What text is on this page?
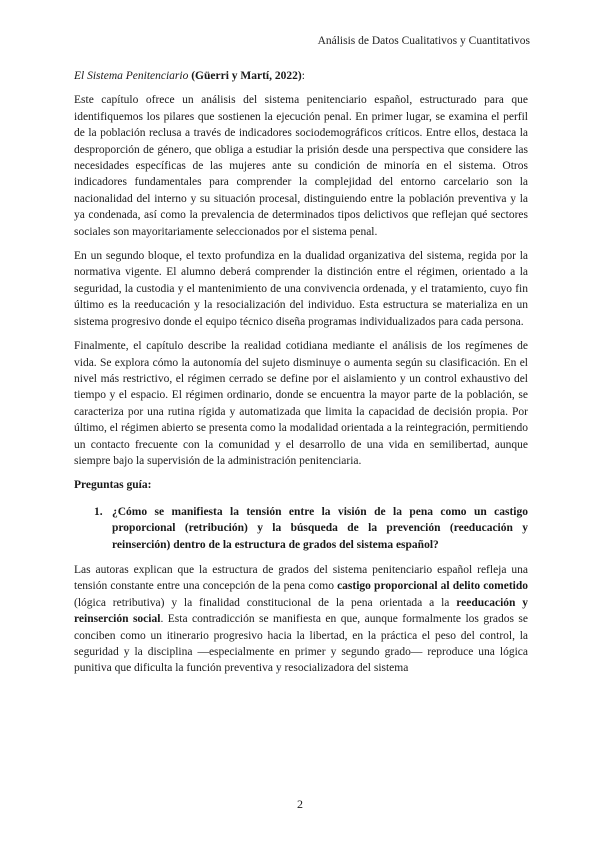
Análisis de Datos Cualitativos y Cuantitativos

El Sistema Penitenciario (Güerri y Martí, 2022):

Este capítulo ofrece un análisis del sistema penitenciario español, estructurado para que identifiquemos los pilares que sostienen la ejecución penal. En primer lugar, se examina el perfil de la población reclusa a través de indicadores sociodemográficos críticos. Entre ellos, destaca la desproporción de género, que obliga a estudiar la prisión desde una perspectiva que considere las necesidades específicas de las mujeres ante su condición de minoría en el sistema. Otros indicadores fundamentales para comprender la complejidad del entorno carcelario son la nacionalidad del interno y su situación procesal, distinguiendo entre la población preventiva y la ya condenada, así como la prevalencia de determinados tipos delictivos que reflejan qué sectores sociales son mayoritariamente seleccionados por el sistema penal.

En un segundo bloque, el texto profundiza en la dualidad organizativa del sistema, regida por la normativa vigente. El alumno deberá comprender la distinción entre el régimen, orientado a la seguridad, la custodia y el mantenimiento de una convivencia ordenada, y el tratamiento, cuyo fin último es la reeducación y la resocialización del individuo. Esta estructura se materializa en un sistema progresivo donde el equipo técnico diseña programas individualizados para cada persona.

Finalmente, el capítulo describe la realidad cotidiana mediante el análisis de los regímenes de vida. Se explora cómo la autonomía del sujeto disminuye o aumenta según su clasificación. En el nivel más restrictivo, el régimen cerrado se define por el aislamiento y un control exhaustivo del tiempo y el espacio. El régimen ordinario, donde se encuentra la mayor parte de la población, se caracteriza por una rutina rígida y automatizada que limita la capacidad de decisión propia. Por último, el régimen abierto se presenta como la modalidad orientada a la reintegración, permitiendo un contacto frecuente con la comunidad y el desarrollo de una vida en semilibertad, aunque siempre bajo la supervisión de la administración penitenciaria.

Preguntas guía:
1. ¿Cómo se manifiesta la tensión entre la visión de la pena como un castigo proporcional (retribución) y la búsqueda de la prevención (reeducación y reinserción) dentro de la estructura de grados del sistema español?

Las autoras explican que la estructura de grados del sistema penitenciario español refleja una tensión constante entre una concepción de la pena como castigo proporcional al delito cometido (lógica retributiva) y la finalidad constitucional de la pena orientada a la reeducación y reinserción social. Esta contradicción se manifiesta en que, aunque formalmente los grados se conciben como un itinerario progresivo hacia la libertad, en la práctica el peso del control, la seguridad y la disciplina —especialmente en primer y segundo grado— reproduce una lógica punitiva que dificulta la función preventiva y resocializadora del sistema

2
